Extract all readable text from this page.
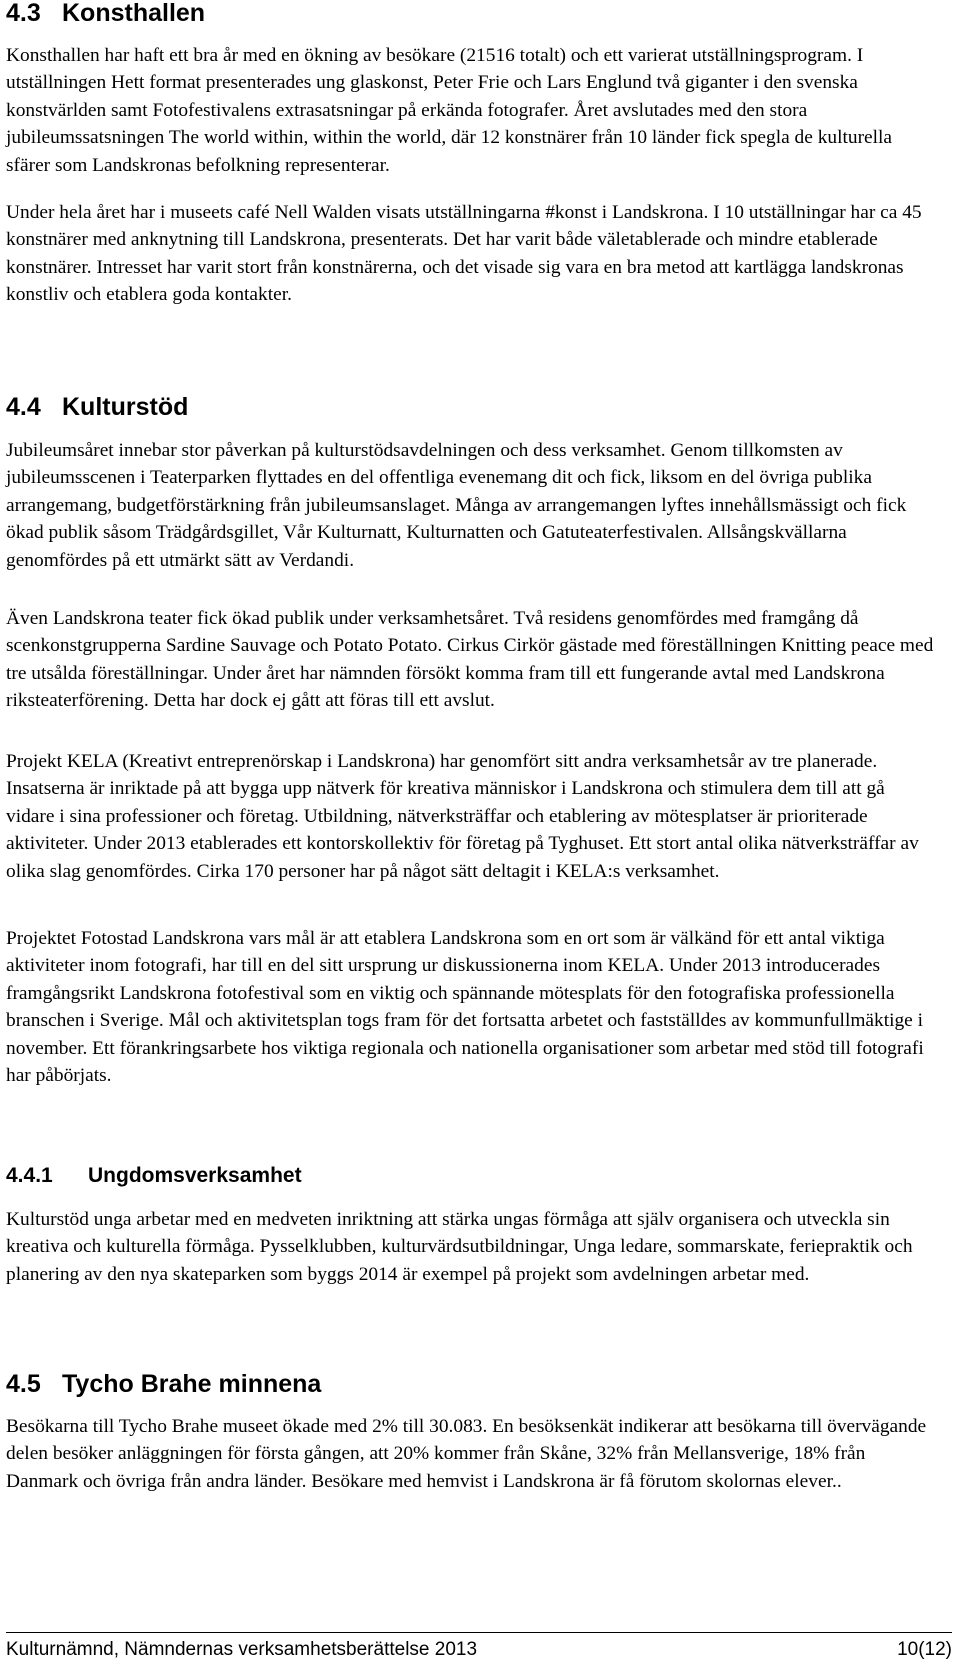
4.3 Konsthallen

Konsthallen har haft ett bra år med en ökning av besökare (21516 totalt) och ett varierat utställningsprogram. I utställningen Hett format presenterades ung glaskonst, Peter Frie och Lars Englund två giganter i den svenska konstvärlden samt Fotofestivalens extrasatsningar på erkända fotografer. Året avslutades med den stora jubileumssatsningen The world within, within the world, där 12 konstnärer från 10 länder fick spegla de kulturella sfärer som Landskronas befolkning representerar.

Under hela året har i museets café Nell Walden visats utställningarna #konst i Landskrona. I 10 utställningar har ca 45 konstnärer med anknytning till Landskrona, presenterats. Det har varit både väletablerade och mindre etablerade konstnärer. Intresset har varit stort från konstnärerna, och det visade sig vara en bra metod att kartlägga landskronas konstliv och etablera goda kontakter.

4.4 Kulturstöd

Jubileumsåret innebar stor påverkan på kulturstödsavdelningen och dess verksamhet. Genom tillkomsten av jubileumsscenen i Teaterparken flyttades en del offentliga evenemang dit och fick, liksom en del övriga publika arrangemang, budgetförstärkning från jubileumsanslaget. Många av arrangemangen lyftes innehållsmässigt och fick ökad publik såsom Trädgårdsgillet, Vår Kulturnatt, Kulturnatten och Gatuteaterfestivalen. Allsångskvällarna genomfördes på ett utmärkt sätt av Verdandi.

Även Landskrona teater fick ökad publik under verksamhetsåret. Två residens genomfördes med framgång då scenkonstgrupperna Sardine Sauvage och Potato Potato. Cirkus Cirkör gästade med föreställningen Knitting peace med tre utsålda föreställningar. Under året har nämnden försökt komma fram till ett fungerande avtal med Landskrona riksteaterförening. Detta har dock ej gått att föras till ett avslut.

Projekt KELA (Kreativt entreprenörskap i Landskrona) har genomfört sitt andra verksamhetsår av tre planerade. Insatserna är inriktade på att bygga upp nätverk för kreativa människor i Landskrona och stimulera dem till att gå vidare i sina professioner och företag. Utbildning, nätverksträffar och etablering av mötesplatser är prioriterade aktiviteter. Under 2013 etablerades ett kontorskollektiv för företag på Tyghuset. Ett stort antal olika nätverksträffar av olika slag genomfördes. Cirka 170 personer har på något sätt deltagit i KELA:s verksamhet.

Projektet Fotostad Landskrona vars mål är att etablera Landskrona som en ort som är välkänd för ett antal viktiga aktiviteter inom fotografi, har till en del sitt ursprung ur diskussionerna inom KELA. Under 2013 introducerades framgångsrikt Landskrona fotofestival som en viktig och spännande mötesplats för den fotografiska professionella branschen i Sverige. Mål och aktivitetsplan togs fram för det fortsatta arbetet och fastställdes av kommunfullmäktige i november. Ett förankringsarbete hos viktiga regionala och nationella organisationer som arbetar med stöd till fotografi har påbörjats.

4.4.1 Ungdomsverksamhet

Kulturstöd unga arbetar med en medveten inriktning att stärka ungas förmåga att själv organisera och utveckla sin kreativa och kulturella förmåga. Pysselklubben, kulturvärdsutbildningar, Unga ledare, sommarskate, feriepraktik och planering av den nya skateparken som byggs 2014 är exempel på projekt som avdelningen arbetar med.

4.5 Tycho Brahe minnena

Besökarna till Tycho Brahe museet ökade med 2% till 30.083. En besöksenkät indikerar att besökarna till övervägande delen besöker anläggningen för första gången, att 20% kommer från Skåne, 32% från Mellansverige, 18% från Danmark och övriga från andra länder. Besökare med hemvist i Landskrona är få förutom skolornas elever..

Kulturnämnd, Nämndernas verksamhetsberättelse 2013	10(12)
